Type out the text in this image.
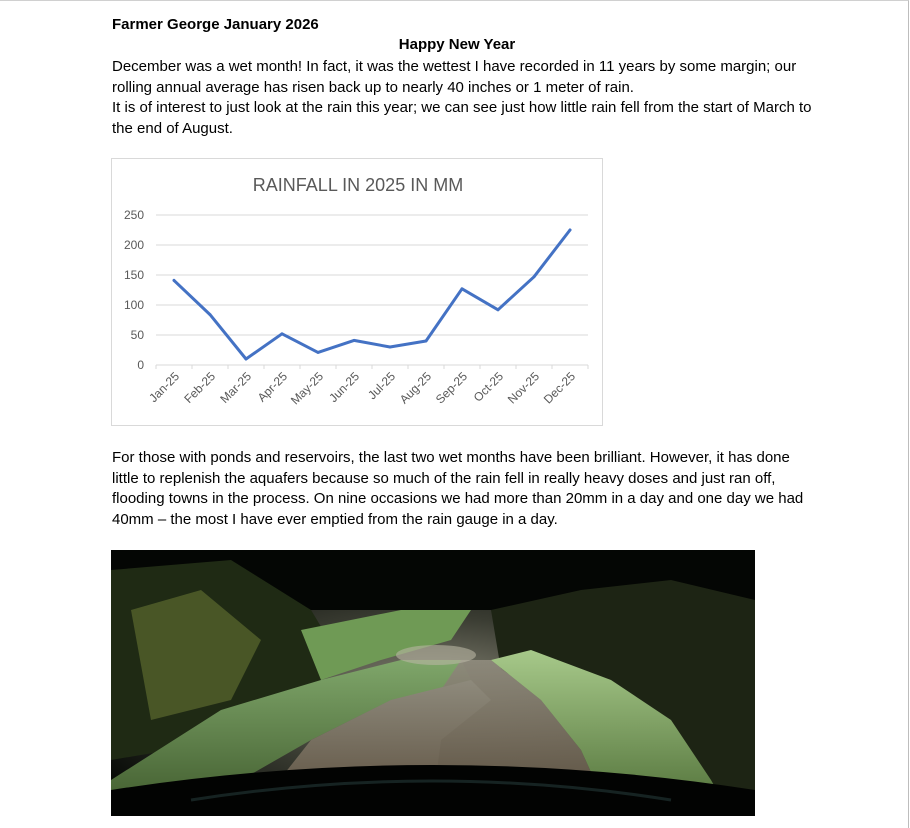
Farmer George January 2026
Happy New Year

December was a wet month! In fact, it was the wettest I have recorded in 11 years by some margin; our rolling annual average has risen back up to nearly 40 inches or 1 meter of rain.

It is of interest to just look at the rain this year; we can see just how little rain fell from the start of March to the end of August.

RAINFALL IN 2025 IN MM
0
50
100
150
200
250
Jan-25 Feb-25 Mar-25 Apr-25
May-25 Jun-25 Jul-25
Aug-25
Sep-25 Oct-25
Nov-25
Dec-25

For those with ponds and reservoirs, the last two wet months have been brilliant. However, it has done little to replenish the aquafers because so much of the rain fell in really heavy doses and just ran off, flooding towns in the process. On nine occasions we had more than 20mm in a day and one day we had 40mm – the most I have ever emptied from the rain gauge in a day.
